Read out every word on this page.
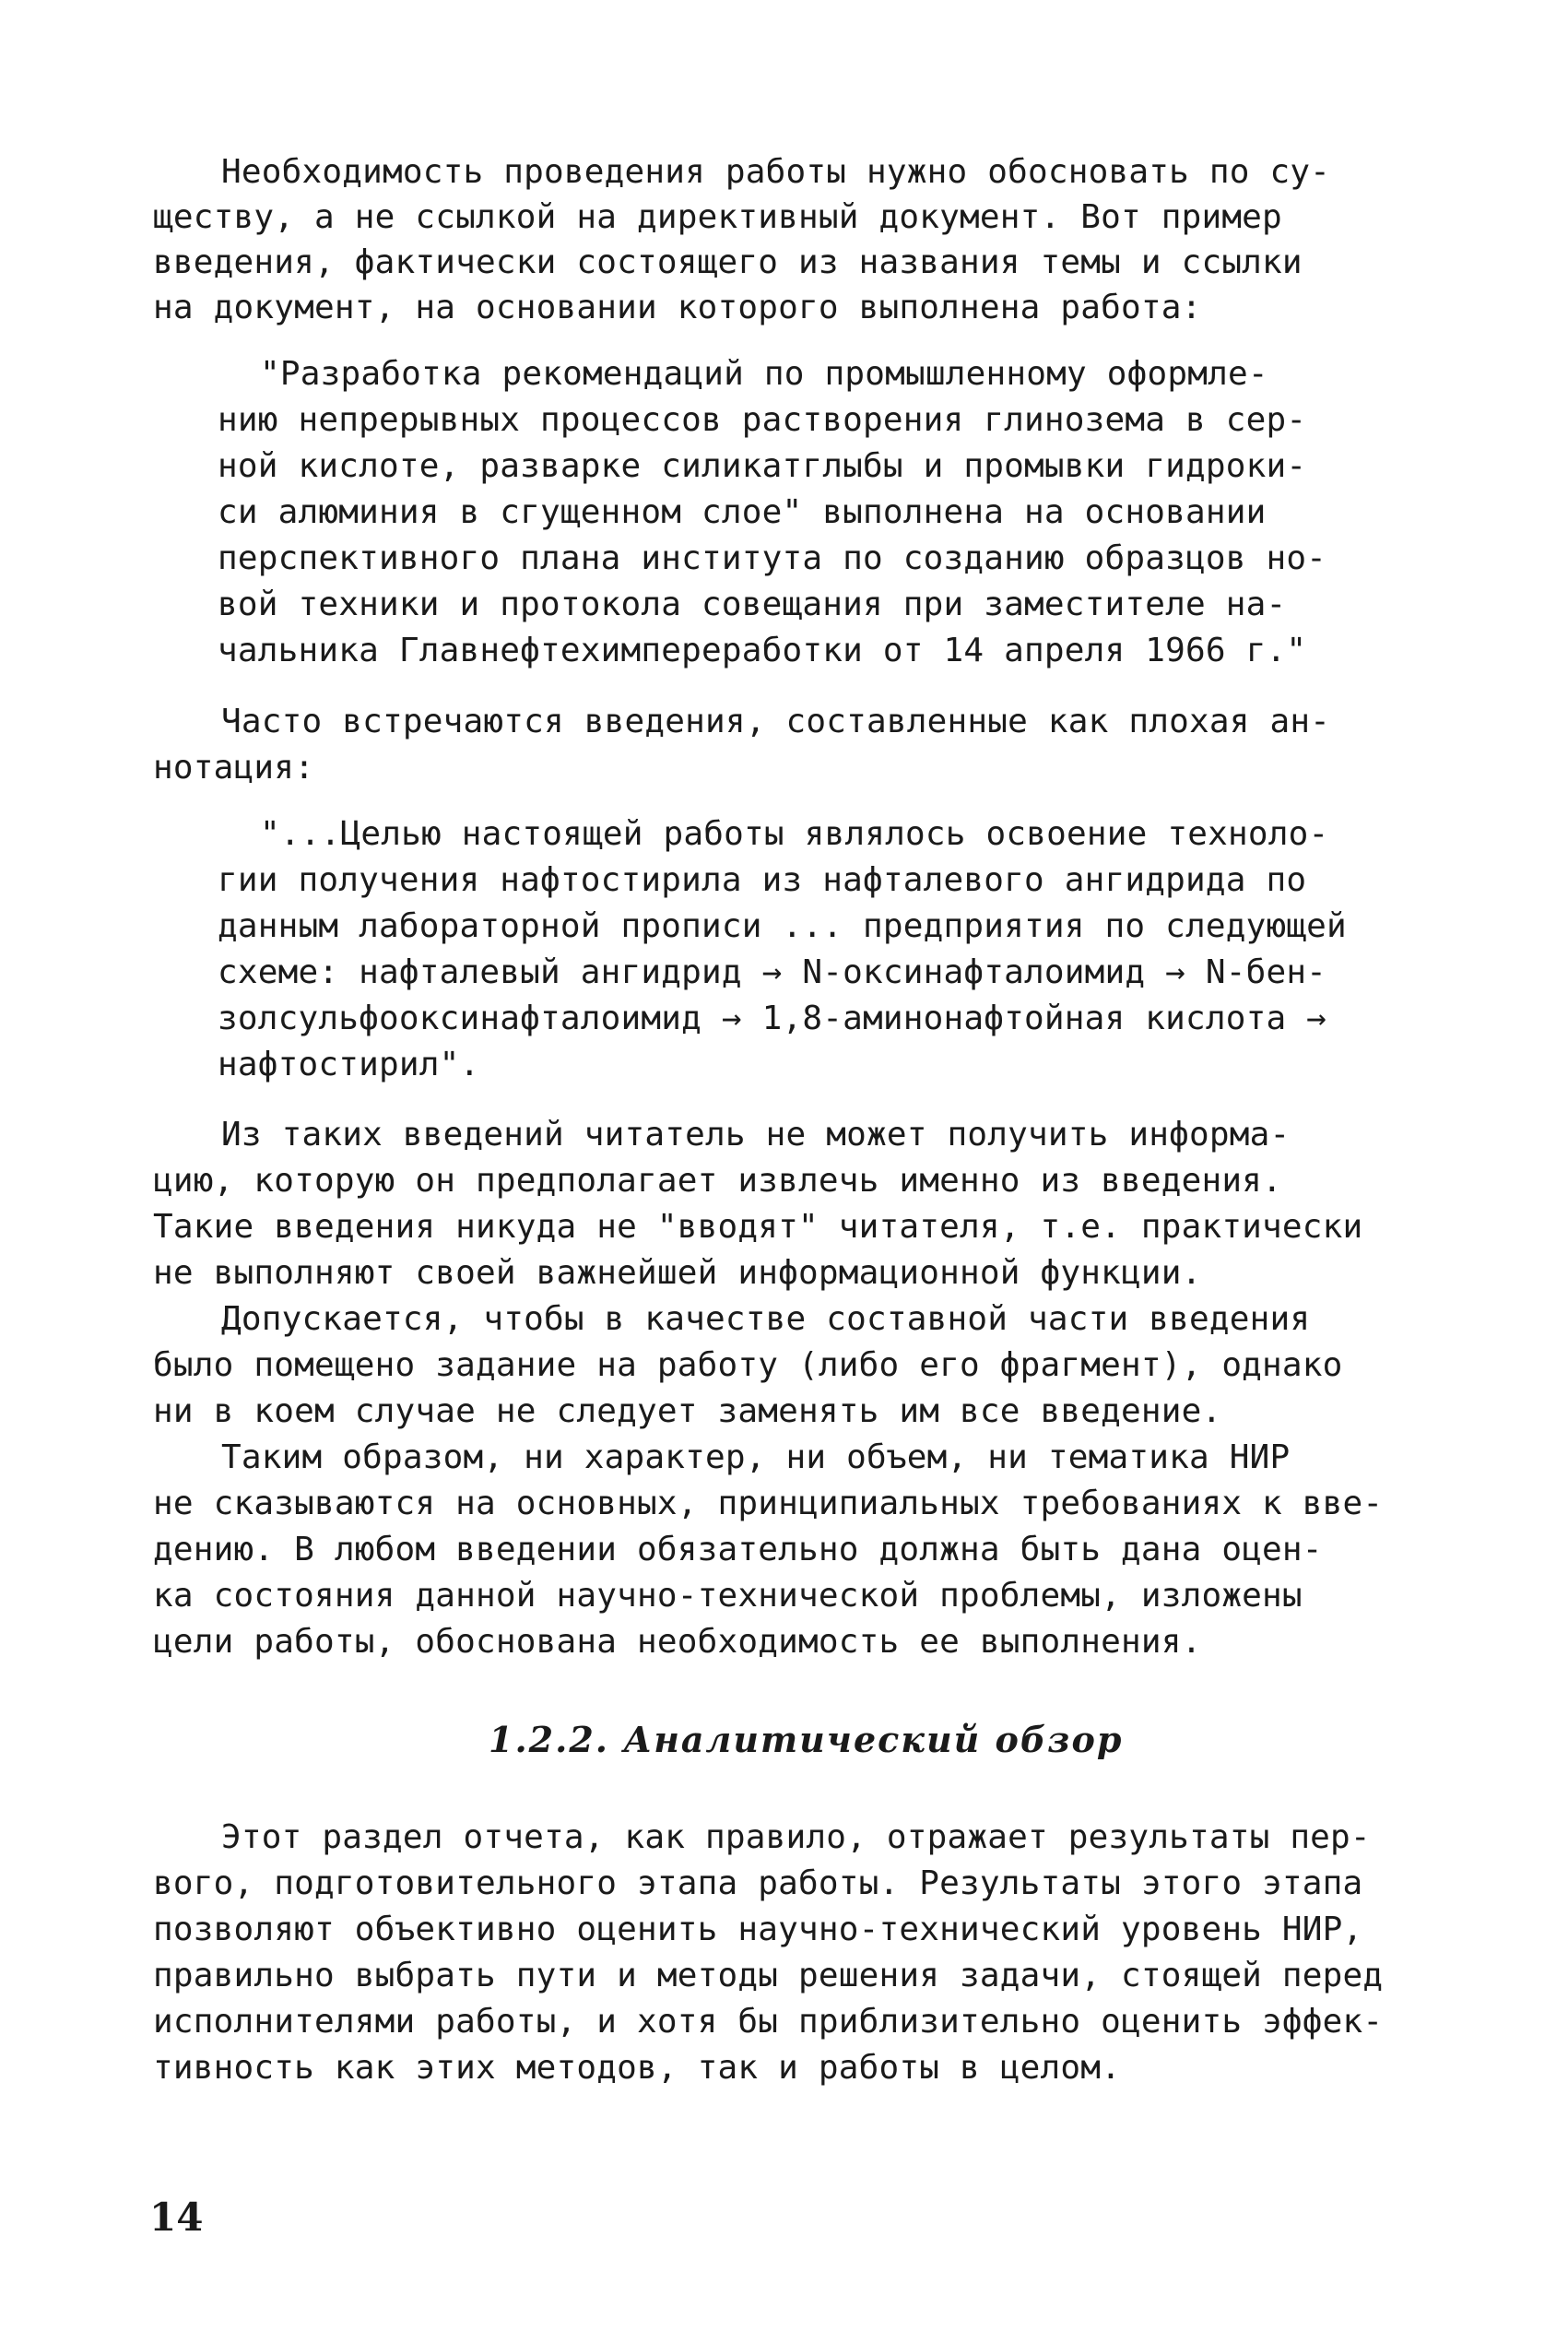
Необходимость проведения работы нужно обосновать по су-

ществу, а не ссылкой на директивный документ. Вот пример

введения, фактически состоящего из названия темы и ссылки

на документ, на основании которого выполнена работа:

"Разработка рекомендаций по промышленному оформле-

нию непрерывных процессов растворения глинозема в сер-

ной кислоте, разварке силикатглыбы и промывки гидроки-

си алюминия в сгущенном слое" выполнена на основании

перспективного плана института по созданию образцов но-

вой техники и протокола совещания при заместителе на-

чальника Главнефтехимпереработки от 14 апреля 1966 г."

Часто встречаются введения, составленные как плохая ан-

нотация:

"...Целью настоящей работы являлось освоение техноло-

гии получения нафтостирила из нафталевого ангидрида по

данным лабораторной прописи ... предприятия по следующей

схеме: нафталевый ангидрид → N-оксинафталоимид → N-бен-

золсульфооксинафталоимид → 1,8-аминонафтойная кислота →

нафтостирил".

Из таких введений читатель не может получить информа-

цию, которую он предполагает извлечь именно из введения.

Такие введения никуда не "вводят" читателя, т.е. практически

не выполняют своей важнейшей информационной функции.

Допускается, чтобы в качестве составной части введения

было помещено задание на работу (либо его фрагмент), однако

ни в коем случае не следует заменять им все введение.

Таким образом, ни характер, ни объем, ни тематика НИР

не сказываются на основных, принципиальных требованиях к вве-

дению. В любом введении обязательно должна быть дана оцен-

ка состояния данной научно-технической проблемы, изложены

цели работы, обоснована необходимость ее выполнения.

1.2.2. Аналитический обзор

Этот раздел отчета, как правило, отражает результаты пер-

вого, подготовительного этапа работы. Результаты этого этапа

позволяют объективно оценить научно-технический уровень НИР,

правильно выбрать пути и методы решения задачи, стоящей перед

исполнителями работы, и хотя бы приблизительно оценить эффек-

тивность как этих методов, так и работы в целом.

14
